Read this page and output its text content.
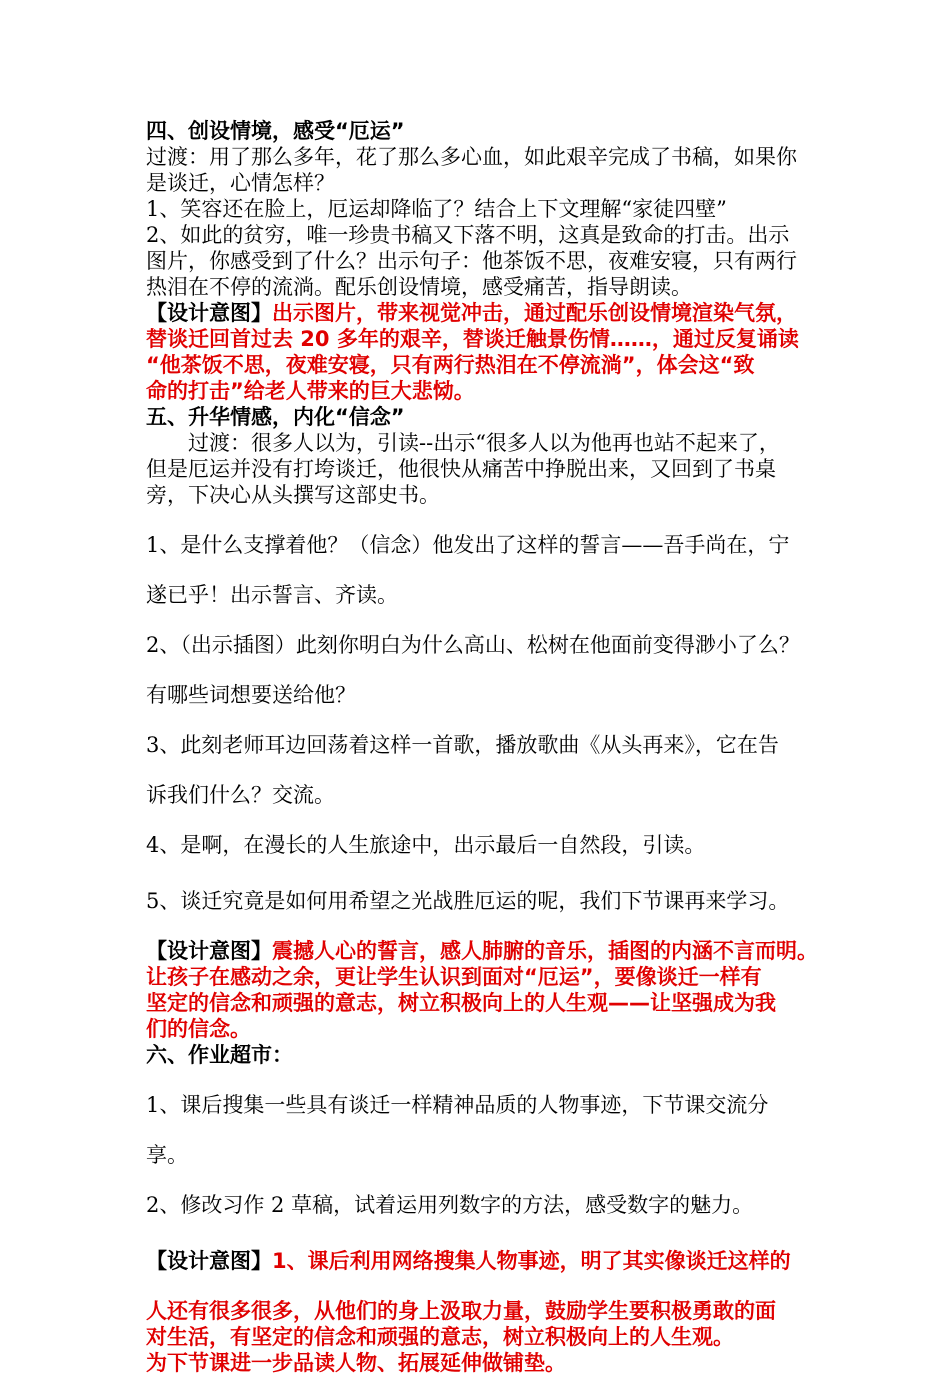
四、创设情境，感受“厄运”
过渡：用了那么多年，花了那么多心血，如此艰辛完成了书稿，如果你
是谈迁，心情怎样？
1、笑容还在脸上，厄运却降临了？结合上下文理解“家徒四壁”
2、如此的贫穷，唯一珍贵书稿又下落不明，这真是致命的打击。出示
图片，你感受到了什么？出示句子：他茶饭不思，夜难安寝，只有两行
热泪在不停的流淌。配乐创设情境，感受痛苦，指导朗读。
【设计意图】出示图片，带来视觉冲击，通过配乐创设情境渲染气氛，
替谈迁回首过去 20 多年的艰辛，替谈迁触景伤情……，通过反复诵读
“他茶饭不思，夜难安寝，只有两行热泪在不停流淌”，体会这“致
命的打击”给老人带来的巨大悲恸。
五、升华情感，内化“信念”
过渡：很多人以为，引读--出示“很多人以为他再也站不起来了，
但是厄运并没有打垮谈迁，他很快从痛苦中挣脱出来，又回到了书桌
旁，下决心从头撰写这部史书。
1、是什么支撑着他？（信念）他发出了这样的誓言——吾手尚在，宁
遂已乎！出示誓言、齐读。
2、（出示插图）此刻你明白为什么高山、松树在他面前变得渺小了么？
有哪些词想要送给他？
3、此刻老师耳边回荡着这样一首歌，播放歌曲《从头再来》，它在告
诉我们什么？交流。
4、是啊，在漫长的人生旅途中，出示最后一自然段，引读。
5、谈迁究竟是如何用希望之光战胜厄运的呢，我们下节课再来学习。
【设计意图】震撼人心的誓言，感人肺腑的音乐，插图的内涵不言而明。
让孩子在感动之余，更让学生认识到面对“厄运”，要像谈迁一样有
坚定的信念和顽强的意志，树立积极向上的人生观——让坚强成为我
们的信念。
六、作业超市：
1、课后搜集一些具有谈迁一样精神品质的人物事迹，下节课交流分
享。
2、修改习作 2 草稿，试着运用列数字的方法，感受数字的魅力。
【设计意图】1、课后利用网络搜集人物事迹，明了其实像谈迁这样的
人还有很多很多，从他们的身上汲取力量，鼓励学生要积极勇敢的面
对生活，有坚定的信念和顽强的意志，树立积极向上的人生观。
为下节课进一步品读人物、拓展延伸做铺垫。
